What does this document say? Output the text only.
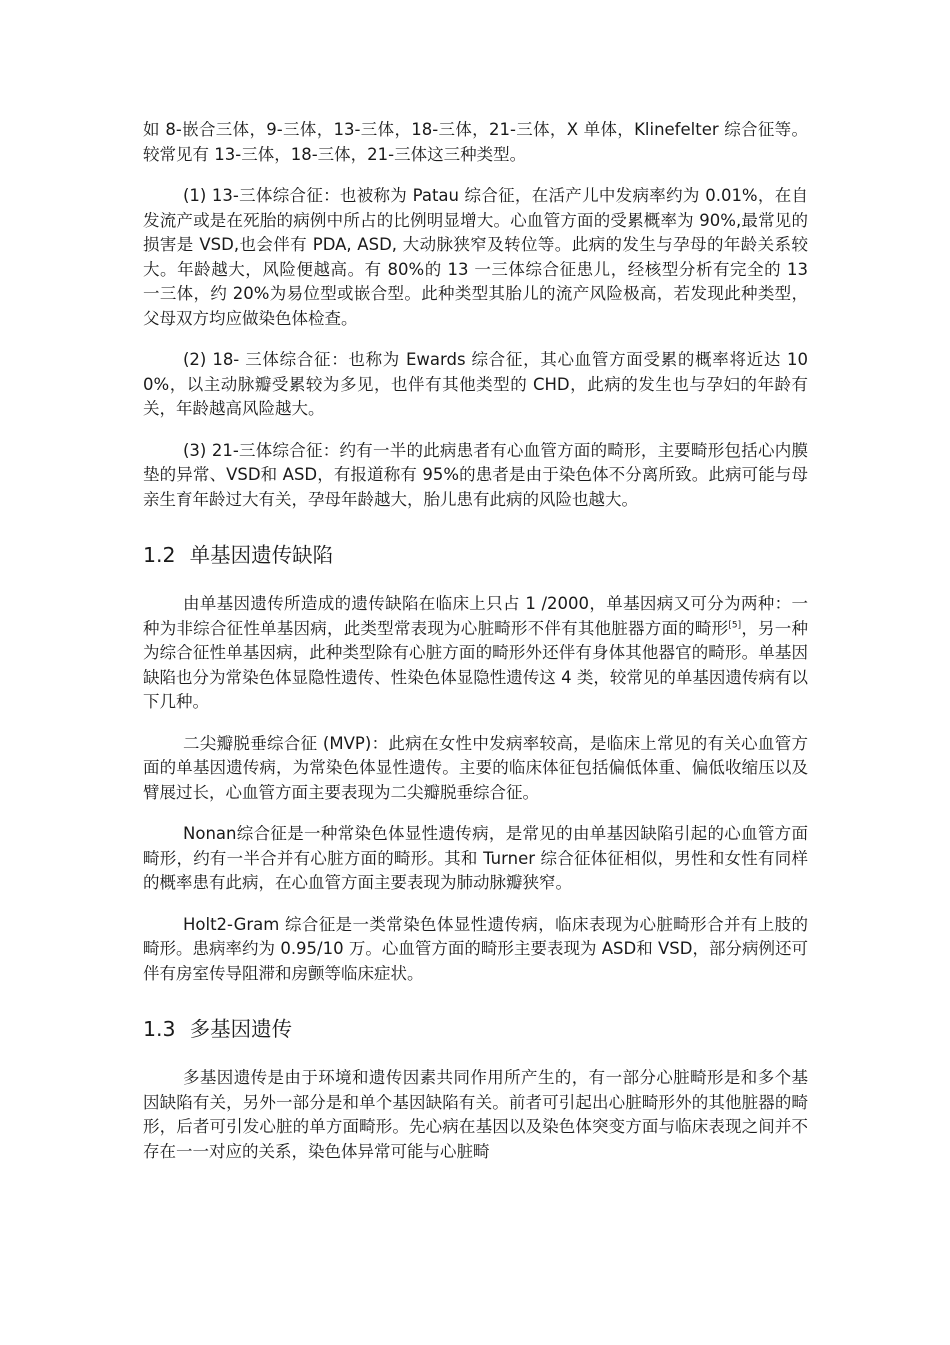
如 8-嵌合三体，9-三体，13-三体，18-三体，21-三体，X 单体，Klinefelter 综合征等。较常见有 13-三体，18-三体，21-三体这三种类型。

(1) 13-三体综合征：也被称为 Patau 综合征，在活产儿中发病率约为 0.01%，在自发流产或是在死胎的病例中所占的比例明显增大。心血管方面的受累概率为 90%,最常见的损害是 VSD,也会伴有 PDA, ASD, 大动脉狭窄及转位等。此病的发生与孕母的年龄关系较大。年龄越大，风险便越高。有 80%的 13 一三体综合征患儿，经核型分析有完全的 13 一三体，约 20%为易位型或嵌合型。此种类型其胎儿的流产风险极高，若发现此种类型，父母双方均应做染色体检查。

(2) 18- 三体综合征：也称为 Ewards 综合征，其心血管方面受累的概率将近达 100%，以主动脉瓣受累较为多见，也伴有其他类型的 CHD，此病的发生也与孕妇的年龄有关，年龄越高风险越大。

(3) 21-三体综合征：约有一半的此病患者有心血管方面的畸形，主要畸形包括心内膜垫的异常、VSD和 ASD，有报道称有 95%的患者是由于染色体不分离所致。此病可能与母亲生育年龄过大有关，孕母年龄越大，胎儿患有此病的风险也越大。

1.2 单基因遗传缺陷

由单基因遗传所造成的遗传缺陷在临床上只占 1 /2000，单基因病又可分为两种：一种为非综合征性单基因病，此类型常表现为心脏畸形不伴有其他脏器方面的畸形[5]，另一种为综合征性单基因病，此种类型除有心脏方面的畸形外还伴有身体其他器官的畸形。单基因缺陷也分为常染色体显隐性遗传、性染色体显隐性遗传这 4 类，较常见的单基因遗传病有以下几种。

二尖瓣脱垂综合征 (MVP)：此病在女性中发病率较高，是临床上常见的有关心血管方面的单基因遗传病，为常染色体显性遗传。主要的临床体征包括偏低体重、偏低收缩压以及臂展过长，心血管方面主要表现为二尖瓣脱垂综合征。

Nonan综合征是一种常染色体显性遗传病，是常见的由单基因缺陷引起的心血管方面畸形，约有一半合并有心脏方面的畸形。其和 Turner 综合征体征相似，男性和女性有同样的概率患有此病，在心血管方面主要表现为肺动脉瓣狭窄。

Holt2-Gram 综合征是一类常染色体显性遗传病，临床表现为心脏畸形合并有上肢的畸形。患病率约为 0.95/10 万。心血管方面的畸形主要表现为 ASD和 VSD，部分病例还可伴有房室传导阻滞和房颤等临床症状。

1.3 多基因遗传

多基因遗传是由于环境和遗传因素共同作用所产生的，有一部分心脏畸形是和多个基因缺陷有关，另外一部分是和单个基因缺陷有关。前者可引起出心脏畸形外的其他脏器的畸形，后者可引发心脏的单方面畸形。先心病在基因以及染色体突变方面与临床表现之间并不存在一一对应的关系，染色体异常可能与心脏畸
